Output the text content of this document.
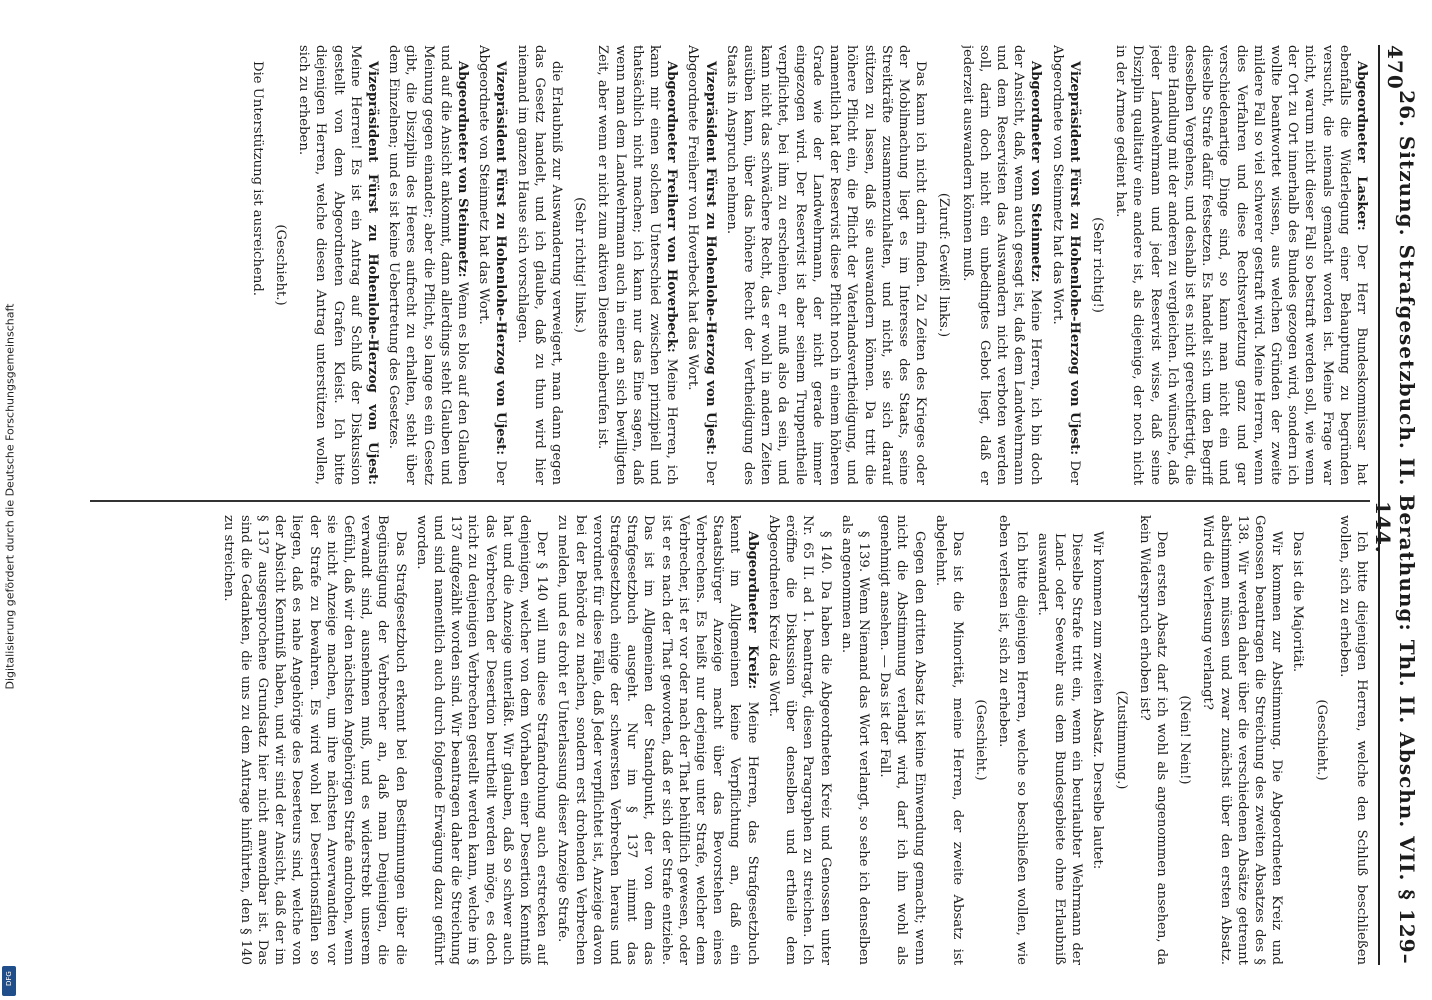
Digitalisierung gefördert durch die Deutsche Forschungsgemeinschaft
DFG
470
26. Sitzung. Strafgesetzbuch. II. Berathung: Thl. II. Abschn. VII. § 129–144.

Abgeordneter Lasker: Der Herr Bundeskommissar hat ebenfalls die Widerlegung einer Behauptung zu begründen versucht, die niemals gemacht worden ist. Meine Frage war nicht, warum nicht dieser Fall so bestraft werden soll, wie wenn der Ort zu Ort innerhalb des Bundes gezogen wird, sondern ich wollte beantwortet wissen, aus welchen Gründen der zweite mildere Fall so viel schwerer gestraft wird. Meine Herren, wenn dies Verfahren und diese Rechtsverletzung ganz und gar verschiedenartige Dinge sind, so kann man nicht ein und dieselbe Strafe dafür festsetzen. Es handelt sich um den Begriff desselben Vergehens, und deshalb ist es nicht gerechtfertigt, die eine Handlung mit der anderen zu vergleichen. Ich wünsche, daß jeder Landwehrmann und jeder Reservist wisse, daß seine Disziplin qualitativ eine andere ist, als diejenige, der noch nicht in der Armee gedient hat.

(Sehr richtig!)

Vizepräsident Fürst zu Hohenlohe-Herzog von Ujest: Der Abgeordnete von Steinmetz hat das Wort.

Abgeordneter von Steinmetz: Meine Herren, ich bin doch der Ansicht, daß, wenn auch gesagt ist, daß dem Landwehrmann und dem Reservisten das Auswandern nicht verboten werden soll, darin doch nicht ein unbedingtes Gebot liegt, daß er jederzeit auswandern können muß.

(Zuruf: Gewiß! links.)

Das kann ich nicht darin finden. Zu Zeiten des Krieges oder der Mobilmachung liegt es im Interesse des Staats, seine Streitkräfte zusammenzuhalten, und nicht, sie sich darauf stützen zu lassen, daß sie auswandern können. Da tritt die höhere Pflicht ein, die Pflicht der Vaterlandsvertheidigung, und namentlich hat der Reservist diese Pflicht noch in einem höheren Grade wie der Landwehrmann, der nicht gerade immer eingezogen wird. Der Reservist ist aber seinem Truppentheile verpflichtet, bei ihm zu erscheinen, er muß also da sein, und kann nicht das schwächere Recht, das er wohl in andern Zeiten ausüben kann, über das höhere Recht der Vertheidigung des Staats in Anspruch nehmen.

Vizepräsident Fürst zu Hohenlohe-Herzog von Ujest: Der Abgeordnete Freiherr von Hoverbeck hat das Wort.

Abgeordneter Freiherr von Hoverbeck: Meine Herren, ich kann mir einen solchen Unterschied zwischen prinzipiell und thatsächlich nicht machen; ich kann nur das Eine sagen, daß wenn man dem Landwehrmann auch in einer an sich bewilligten Zeit, aber wenn er nicht zum aktiven Dienste einberufen ist.

(Sehr richtig! links.)

die Erlaubniß zur Auswanderung verweigert, man dann gegen das Gesetz handelt, und ich glaube, daß zu thun wird hier niemand im ganzen Hause sich vorschlagen.

Vizepräsident Fürst zu Hohenlohe-Herzog von Ujest: Der Abgeordnete von Steinmetz hat das Wort.

Abgeordneter von Steinmetz: Wenn es blos auf den Glauben und auf die Ansicht ankommt, dann allerdings steht Glauben und Meinung gegen einander; aber die Pflicht, so lange es ein Gesetz gibt, die Disziplin des Heeres aufrecht zu erhalten, steht über dem Einzelnen; und es ist keine Uebertretung des Gesetzes.

Vizepräsident Fürst zu Hohenlohe-Herzog von Ujest: Meine Herren! Es ist ein Antrag auf Schluß der Diskussion gestellt von dem Abgeordneten Grafen Kleist. Ich bitte diejenigen Herren, welche diesen Antrag unterstützen wollen, sich zu erheben.

(Geschieht.)

Die Unterstützung ist ausreichend.

Ich bitte diejenigen Herren, welche den Schluß beschließen wollen, sich zu erheben.

(Geschieht.)

Das ist die Majorität.

Wir kommen zur Abstimmung. Die Abgeordneten Kreiz und Genossen beantragen die Streichung des zweiten Absatzes des § 138. Wir werden daher über die verschiedenen Absätze getrennt abstimmen müssen und zwar zunächst über den ersten Absatz. Wird die Verlesung verlangt?

(Nein! Nein!)

Den ersten Absatz darf ich wohl als angenommen ansehen, da kein Widerspruch erhoben ist?

(Zustimmung.)

Wir kommen zum zweiten Absatz. Derselbe lautet:

Dieselbe Strafe tritt ein, wenn ein beurlaubter Wehrmann der Land- oder Seewehr aus dem Bundesgebiete ohne Erlaubniß auswandert.

Ich bitte diejenigen Herren, welche so beschließen wollen, wie eben verlesen ist, sich zu erheben.

(Geschieht.)

Das ist die Minorität, meine Herren, der zweite Absatz ist abgelehnt.

Gegen den dritten Absatz ist keine Einwendung gemacht; wenn nicht die Abstimmung verlangt wird, darf ich ihn wohl als genehmigt ansehen. — Das ist der Fall.

§ 139. Wenn Niemand das Wort verlangt, so sehe ich denselben als angenommen an.

§ 140. Da haben die Abgeordneten Kreiz und Genossen unter Nr. 65 II. ad 1. beantragt, diesen Paragraphen zu streichen. Ich eröffne die Diskussion über denselben und ertheile dem Abgeordneten Kreiz das Wort.

Abgeordneter Kreiz: Meine Herren, das Strafgesetzbuch kennt im Allgemeinen keine Verpflichtung an, daß ein Staatsbürger Anzeige macht über das Bevorstehen eines Verbrechens. Es heißt nur derjenige unter Strafe, welcher dem Verbrecher, ist er vor oder nach der That behülflich gewesen, oder ist er es nach der That geworden, daß er sich der Strafe entziehe. Das ist im Allgemeinen der Standpunkt, der von dem das Strafgesetzbuch ausgeht. Nur im § 137 nimmt das Strafgesetzbuch einige der schwersten Verbrechen heraus und verordnet für diese Fälle, daß Jeder verpflichtet ist, Anzeige davon bei der Behörde zu machen, sondern erst drohenden Verbrechen zu melden, und es droht er Unterlassung dieser Anzeige Strafe.

Der § 140 will nun diese Strafandrohung auch erstrecken auf denjenigen, welcher von dem Vorhaben einer Desertion Kenntniß hat und die Anzeige unterläßt. Wir glauben, daß so schwer auch das Verbrechen der Desertion beurtheilt werden möge, es doch nicht zu denjenigen Verbrechen gestellt werden kann, welche im § 137 aufgezählt worden sind. Wir beantragen daher die Streichung und sind namentlich auch durch folgende Erwägung dazu geführt worden.

Das Strafgesetzbuch erkennt bei den Bestimmungen über die Begünstigung der Verbrecher an, daß man Denjenigen, die verwandt sind, ausnehmen muß, und es widerstrebt unserem Gefühl, daß wir den nächsten Angehörigen Strafe androhen, wenn sie nicht Anzeige machen, um ihre nächsten Anverwandten vor der Strafe zu bewahren. Es wird wohl bei Desertionsfällen so liegen, daß es nahe Angehörige des Deserteurs sind, welche von der Absicht Kenntniß haben, und wir sind der Ansicht, daß der im § 137 ausgesprochene Grundsatz hier nicht anwendbar ist. Das sind die Gedanken, die uns zu dem Antrage hinführten, den § 140 zu streichen.
